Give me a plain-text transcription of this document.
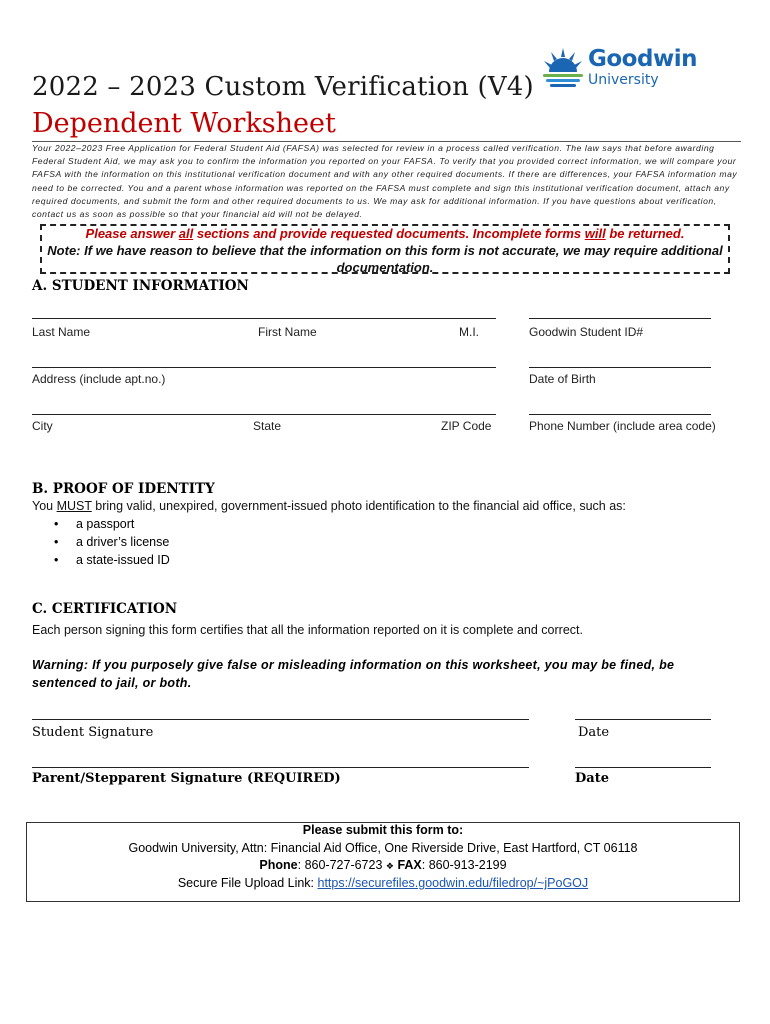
Goodwin
University
2022 – 2023 Custom Verification (V4)
Dependent Worksheet
Your 2022–2023 Free Application for Federal Student Aid (FAFSA) was selected for review in a process called verification. The law says that before awarding Federal Student Aid, we may ask you to confirm the information you reported on your FAFSA. To verify that you provided correct information, we will compare your FAFSA with the information on this institutional verification document and with any other required documents. If there are differences, your FAFSA information may need to be corrected. You and a parent whose information was reported on the FAFSA must complete and sign this institutional verification document, attach any required documents, and submit the form and other required documents to us. We may ask for additional information. If you have questions about verification, contact us as soon as possible so that your financial aid will not be delayed.
Please answer all sections and provide requested documents. Incomplete forms will be returned.
Note: If we have reason to believe that the information on this form is not accurate, we may require additional documentation.
A. STUDENT INFORMATION
Last Name	First Name	M.I.	Goodwin Student ID#
Address (include apt.no.)	Date of Birth
City	State	ZIP Code	Phone Number (include area code)
B. PROOF OF IDENTITY
You MUST bring valid, unexpired, government-issued photo identification to the financial aid office, such as:
• a passport
• a driver’s license
• a state-issued ID
C. CERTIFICATION
Each person signing this form certifies that all the information reported on it is complete and correct.
Warning: If you purposely give false or misleading information on this worksheet, you may be fined, be sentenced to jail, or both.
Student Signature	Date
Parent/Stepparent Signature (REQUIRED)	Date
Please submit this form to:
Goodwin University, Attn: Financial Aid Office, One Riverside Drive, East Hartford, CT 06118
Phone: 860-727-6723 ❖ FAX: 860-913-2199
Secure File Upload Link: https://securefiles.goodwin.edu/filedrop/~jPoGOJ
